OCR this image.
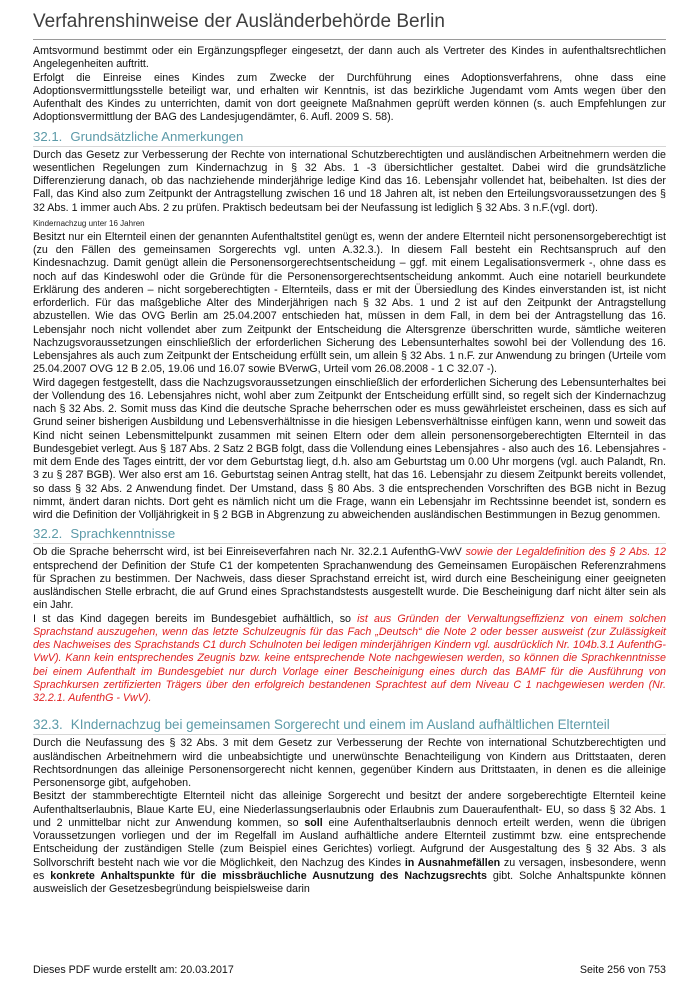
Verfahrenshinweise der Ausländerbehörde Berlin

Amtsvormund bestimmt oder ein Ergänzungspfleger eingesetzt, der dann auch als Vertreter des Kindes in aufenthaltsrechtlichen Angelegenheiten auftritt.

Erfolgt die Einreise eines Kindes zum Zwecke der Durchführung eines Adoptionsverfahrens, ohne dass eine Adoptionsvermittlungsstelle beteiligt war, und erhalten wir Kenntnis, ist das bezirkliche Jugendamt vom Amts wegen über den Aufenthalt des Kindes zu unterrichten, damit von dort geeignete Maßnahmen geprüft werden können (s. auch Empfehlungen zur Adoptionsvermittlung der BAG des Landesjugendämter, 6. Aufl. 2009 S. 58).

32.1. Grundsätzliche Anmerkungen

Durch das Gesetz zur Verbesserung der Rechte von international Schutzberechtigten und ausländischen Arbeitnehmern werden die wesentlichen Regelungen zum Kindernachzug in § 32 Abs. 1 -3 übersichtlicher gestaltet. Dabei wird die grundsätzliche Differenzierung danach, ob das nachziehende minderjährige ledige Kind das 16. Lebensjahr vollendet hat, beibehalten. Ist dies der Fall, das Kind also zum Zeitpunkt der Antragstellung zwischen 16 und 18 Jahren alt, ist neben den Erteilungsvoraussetzungen des § 32 Abs. 1 immer auch Abs. 2 zu prüfen. Praktisch bedeutsam bei der Neufassung ist lediglich § 32 Abs. 3 n.F.(vgl. dort).

Kindernachzug unter 16 Jahren

Besitzt nur ein Elternteil einen der genannten Aufenthaltstitel genügt es, wenn der andere Elternteil nicht personensorgeberechtigt ist (zu den Fällen des gemeinsamen Sorgerechts vgl. unten A.32.3.). In diesem Fall besteht ein Rechtsanspruch auf den Kindesnachzug. Damit genügt allein die Personensorgerechtsentscheidung – ggf. mit einem Legalisationsvermerk -, ohne dass es noch auf das Kindeswohl oder die Gründe für die Personensorgerechtsentscheidung ankommt. Auch eine notariell beurkundete Erklärung des anderen – nicht sorgeberechtigten - Elternteils, dass er mit der Übersiedlung des Kindes einverstanden ist, ist nicht erforderlich. Für das maßgebliche Alter des Minderjährigen nach § 32 Abs. 1 und 2 ist auf den Zeitpunkt der Antragstellung abzustellen. Wie das OVG Berlin am 25.04.2007 entschieden hat, müssen in dem Fall, in dem bei der Antragstellung das 16. Lebensjahr noch nicht vollendet aber zum Zeitpunkt der Entscheidung die Altersgrenze überschritten wurde, sämtliche weiteren Nachzugsvoraussetzungen einschließlich der erforderlichen Sicherung des Lebensunterhaltes sowohl bei der Vollendung des 16. Lebensjahres als auch zum Zeitpunkt der Entscheidung erfüllt sein, um allein § 32 Abs. 1 n.F. zur Anwendung zu bringen (Urteile vom 25.04.2007 OVG 12 B 2.05, 19.06 und 16.07 sowie BVerwG, Urteil vom 26.08.2008 - 1 C 32.07 -).

Wird dagegen festgestellt, dass die Nachzugsvoraussetzungen einschließlich der erforderlichen Sicherung des Lebensunterhaltes bei der Vollendung des 16. Lebensjahres nicht, wohl aber zum Zeitpunkt der Entscheidung erfüllt sind, so regelt sich der Kindernachzug nach § 32 Abs. 2. Somit muss das Kind die deutsche Sprache beherrschen oder es muss gewährleistet erscheinen, dass es sich auf Grund seiner bisherigen Ausbildung und Lebensverhältnisse in die hiesigen Lebensverhältnisse einfügen kann, wenn und soweit das Kind nicht seinen Lebensmittelpunkt zusammen mit seinen Eltern oder dem allein personensorgeberechtigten Elternteil in das Bundesgebiet verlegt. Aus § 187 Abs. 2 Satz 2 BGB folgt, dass die Vollendung eines Lebensjahres - also auch des 16. Lebensjahres - mit dem Ende des Tages eintritt, der vor dem Geburtstag liegt, d.h. also am Geburtstag um 0.00 Uhr morgens (vgl. auch Palandt, Rn. 3 zu § 287 BGB). Wer also erst am 16. Geburtstag seinen Antrag stellt, hat das 16. Lebensjahr zu diesem Zeitpunkt bereits vollendet, so dass § 32 Abs. 2 Anwendung findet. Der Umstand, dass § 80 Abs. 3 die entsprechenden Vorschriften des BGB nicht in Bezug nimmt, ändert daran nichts. Dort geht es nämlich nicht um die Frage, wann ein Lebensjahr im Rechtssinne beendet ist, sondern es wird die Definition der Volljährigkeit in § 2 BGB in Abgrenzung zu abweichenden ausländischen Bestimmungen in Bezug genommen.

32.2. Sprachkenntnisse

Ob die Sprache beherrscht wird, ist bei Einreiseverfahren nach Nr. 32.2.1 AufenthG-VwV sowie der Legaldefinition des § 2 Abs. 12 entsprechend der Definition der Stufe C1 der kompetenten Sprachanwendung des Gemeinsamen Europäischen Referenzrahmens für Sprachen zu bestimmen. Der Nachweis, dass dieser Sprachstand erreicht ist, wird durch eine Bescheinigung einer geeigneten ausländischen Stelle erbracht, die auf Grund eines Sprachstandstests ausgestellt wurde. Die Bescheinigung darf nicht älter sein als ein Jahr.

I st das Kind dagegen bereits im Bundesgebiet aufhältlich, so ist aus Gründen der Verwaltungseffizienz von einem solchen Sprachstand auszugehen, wenn das letzte Schulzeugnis für das Fach „Deutsch“ die Note 2 oder besser ausweist (zur Zulässigkeit des Nachweises des Sprachstands C1 durch Schulnoten bei ledigen minderjährigen Kindern vgl. ausdrücklich Nr. 104b.3.1 AufenthG-VwV). Kann kein entsprechendes Zeugnis bzw. keine entsprechende Note nachgewiesen werden, so können die Sprachkenntnisse bei einem Aufenthalt im Bundesgebiet nur durch Vorlage einer Bescheinigung eines durch das BAMF für die Ausführung von Sprachkursen zertifizierten Trägers über den erfolgreich bestandenen Sprachtest auf dem Niveau C 1 nachgewiesen werden (Nr. 32.2.1. AufenthG - VwV).

32.3. KIndernachzug bei gemeinsamen Sorgerecht und einem im Ausland aufhältlichen Elternteil

Durch die Neufassung des § 32 Abs. 3 mit dem Gesetz zur Verbesserung der Rechte von international Schutzberechtigten und ausländischen Arbeitnehmern wird die unbeabsichtigte und unerwünschte Benachteiligung von Kindern aus Drittstaaten, deren Rechtsordnungen das alleinige Personensorgerecht nicht kennen, gegenüber Kindern aus Drittstaaten, in denen es die alleinige Personensorge gibt, aufgehoben.

Besitzt der stammberechtigte Elternteil nicht das alleinige Sorgerecht und besitzt der andere sorgeberechtigte Elternteil keine Aufenthaltserlaubnis, Blaue Karte EU, eine Niederlassungserlaubnis oder Erlaubnis zum Daueraufenthalt- EU, so dass § 32 Abs. 1 und 2 unmittelbar nicht zur Anwendung kommen, so soll eine Aufenthaltserlaubnis dennoch erteilt werden, wenn die übrigen Voraussetzungen vorliegen und der im Regelfall im Ausland aufhältliche andere Elternteil zustimmt bzw. eine entsprechende Entscheidung der zuständigen Stelle (zum Beispiel eines Gerichtes) vorliegt. Aufgrund der Ausgestaltung des § 32 Abs. 3 als Sollvorschrift besteht nach wie vor die Möglichkeit, den Nachzug des Kindes in Ausnahmefällen zu versagen, insbesondere, wenn es konkrete Anhaltspunkte für die missbräuchliche Ausnutzung des Nachzugsrechts gibt. Solche Anhaltspunkte können ausweislich der Gesetzesbegründung beispielsweise darin

Dieses PDF wurde erstellt am: 20.03.2017	Seite 256 von 753
